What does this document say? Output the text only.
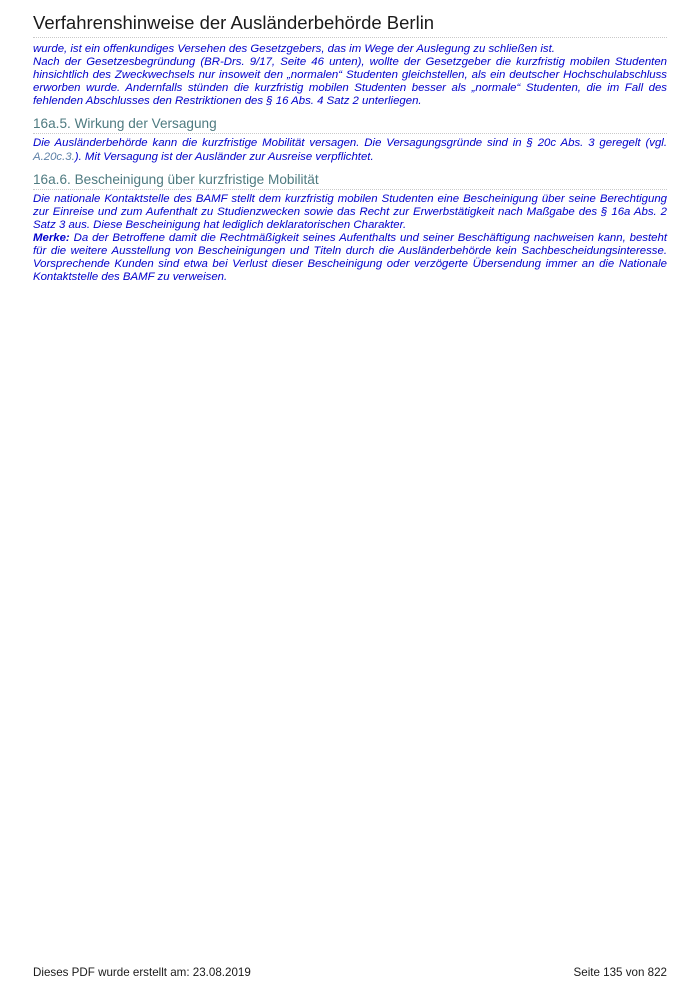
Verfahrenshinweise der Ausländerbehörde Berlin

wurde, ist ein offenkundiges Versehen des Gesetzgebers, das im Wege der Auslegung zu schließen ist.

Nach der Gesetzesbegründung (BR-Drs. 9/17, Seite 46 unten), wollte der Gesetzgeber die kurzfristig mobilen Studenten hinsichtlich des Zweckwechsels nur insoweit den „normalen“ Studenten gleichstellen, als ein deutscher Hochschulabschluss erworben wurde. Andernfalls stünden die kurzfristig mobilen Studenten besser als „normale“ Studenten, die im Fall des fehlenden Abschlusses den Restriktionen des § 16 Abs. 4 Satz 2 unterliegen.

16a.5. Wirkung der Versagung

Die Ausländerbehörde kann die kurzfristige Mobilität versagen. Die Versagungsgründe sind in § 20c Abs. 3 geregelt (vgl. A.20c.3.). Mit Versagung ist der Ausländer zur Ausreise verpflichtet.

16a.6. Bescheinigung über kurzfristige Mobilität

Die nationale Kontaktstelle des BAMF stellt dem kurzfristig mobilen Studenten eine Bescheinigung über seine Berechtigung zur Einreise und zum Aufenthalt zu Studienzwecken sowie das Recht zur Erwerbstätigkeit nach Maßgabe des § 16a Abs. 2 Satz 3 aus. Diese Bescheinigung hat lediglich deklaratorischen Charakter.

Merke: Da der Betroffene damit die Rechtmäßigkeit seines Aufenthalts und seiner Beschäftigung nachweisen kann, besteht für die weitere Ausstellung von Bescheinigungen und Titeln durch die Ausländerbehörde kein Sachbescheidungsinteresse. Vorsprechende Kunden sind etwa bei Verlust dieser Bescheinigung oder verzögerte Übersendung immer an die Nationale Kontaktstelle des BAMF zu verweisen.

Dieses PDF wurde erstellt am: 23.08.2019	Seite 135 von 822
